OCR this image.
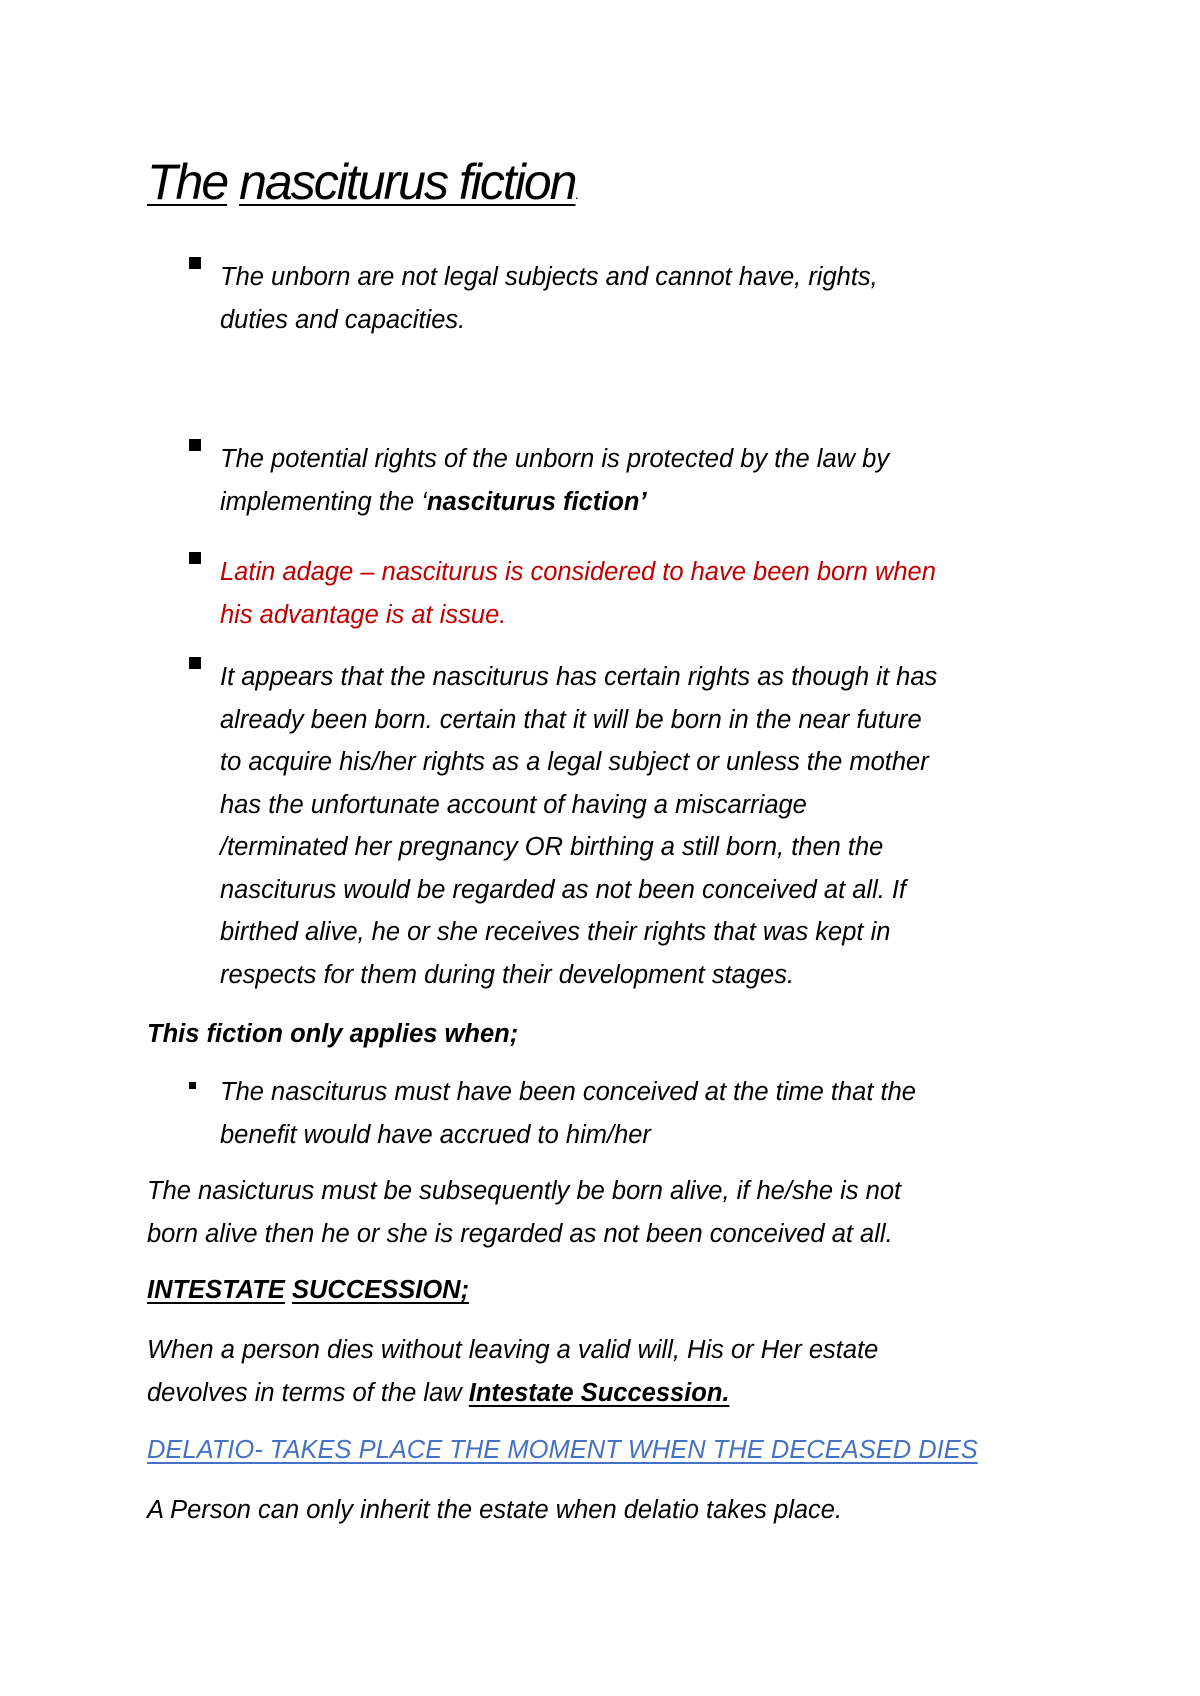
The nasciturus fiction.

The unborn are not legal subjects and cannot have, rights,
duties and capacities.

The potential rights of the unborn is protected by the law by
implementing the ‘nasciturus fiction’

Latin adage – nasciturus is considered to have been born when
his advantage is at issue.

It appears that the nasciturus has certain rights as though it has
already been born. certain that it will be born in the near future
to acquire his/her rights as a legal subject or unless the mother
has the unfortunate account of having a miscarriage
/terminated her pregnancy OR birthing a still born, then the
nasciturus would be regarded as not been conceived at all. If
birthed alive, he or she receives their rights that was kept in
respects for them during their development stages.

This fiction only applies when;

The nasciturus must have been conceived at the time that the
benefit would have accrued to him/her

The nasicturus must be subsequently be born alive, if he/she is not
born alive then he or she is regarded as not been conceived at all.

INTESTATE SUCCESSION;

When a person dies without leaving a valid will, His or Her estate
devolves in terms of the law Intestate Succession.

DELATIO- TAKES PLACE THE MOMENT WHEN THE DECEASED DIES

A Person can only inherit the estate when delatio takes place.
